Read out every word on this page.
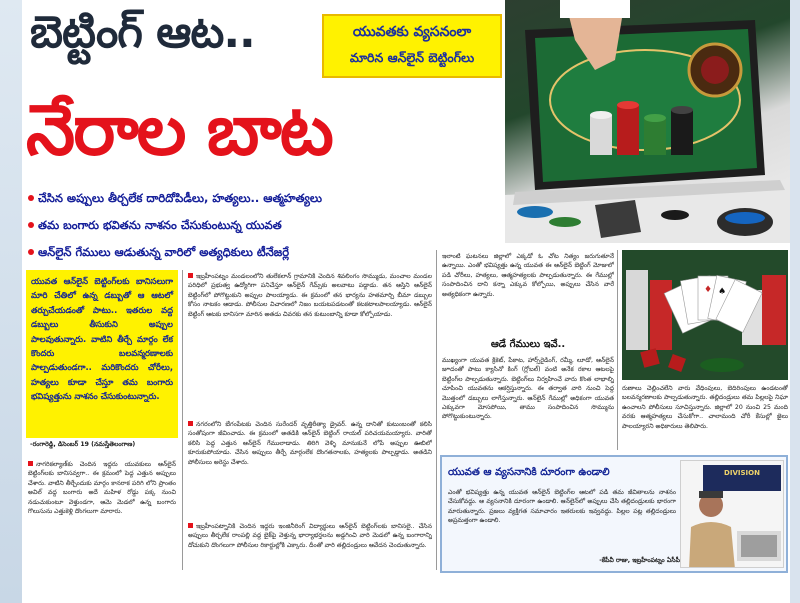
బెట్టింగ్ ఆట..	యువతకు వ్యసనంలా
మారిన ఆన్‌లైన్ బెట్టింగ్‌లు
నేరాల బాట
చేసిన అప్పులు తీర్చలేక దారిదోపిడీలు, హత్యలు.. ఆత్మహత్యలు
తమ బంగారు భవితను నాశనం చేసుకుంటున్న యువత
ఆన్‌లైన్ గేములు ఆడుతున్న వారిలో అత్యధికులు టీనేజర్లే
యువత ఆన్‌లైన్ బెట్టింగ్‌లకు బానిసలుగా మారి చేతిలో ఉన్న డబ్బుతో ఆ ఆటలో తర్చుచేయడంతో పాటు.. ఇతరుల వద్ద డబ్బులు తీసుకుని అప్పుల పాలవుతున్నారు. వాటిని తీర్చే మార్గం లేక కొందరు బలవన్మరణాలకు పాల్పడుతుండగా.. మరికొందరు చోరీలు, హత్యలు కూడా చేస్తూ తమ బంగారు భవిష్యత్తును నాశనం చేసుకుంటున్నారు.
-రంగారెడ్డి, డిసెంబర్ 19 (నమస్తేతెలంగాణ)
నాగరిక‌ల్యాణ్‌కు చెందిన ఇద్దరు యువకులు ఆన్‌లైన్ బెట్టింగ్‌లకు బానిసవ్వగా.. ఈ క్రమంలో పెద్ద ఎత్తున అప్పులు చేశారు. వాటిని తీర్చేందుకు మార్గం కానరాక పరిగి లోని ప్రాంతం అవిల్ వద్ద బంగారు అదే మహిళ రోడ్డు పక్క నుంచి నడుచుకుంటూ వెళ్తుండగా, ఆమె మెడలో ఉన్న బంగారు గొలుసును ఎత్తుకెళ్లి దొంగలుగా మారారు.
ఇబ్రహీంపట్నం మండలంలోని తులేకలాన్ గ్రామానికి చెందిన శివలింగం సొమ్ముడు, మంచాల మండల పరిధిలో ప్రభుత్వ ఉద్యోగిగా పనిచేస్తూ ఆన్‌లైన్ గేమ్స్‌కు అలవాటు పడ్డాడు. తన ఆస్తిని ఆన్‌లైన్ బెట్టింగ్‌లో పోగొట్టుకుని అప్పుల పాలయ్యాడు. ఈ క్రమంలో తన భార్యను హతమార్చి బీమా డబ్బుల కోసం నాటకం ఆడాడు. పోలీసుల విచారణలో నిజం బయటపడటంతో కటకటాలపాలయ్యాడు. ఆన్‌లైన్ బెట్టింగ్ ఆటకు బానిసగా మారిన అతడు చివరకు తన కుటుంబాన్ని కూడా కోల్పోయాడు.
నగరంలోని బేగంపేటకు చెందిన సురేందర్ వృత్తిరీత్యా డ్రైవర్. ఉన్న దానితో కుటుంబంతో కలిసి సంతోషంగా జీవించాడు. ఈ క్రమంలో అతడికి ఆన్‌లైన్ బెట్టింగ్ రాయల్ పరిచయమయ్యారు. వారితో కలిసి పెద్ద ఎత్తున ఆన్‌లైన్ గేములాడాడు. తిరిగి వెళ్ళి మానుకునే లోపే అప్పుల ఊబిలో కూరుకుపోయాడు. చేసిన అప్పులు తీర్చే మార్గంలేక దొంగతనాలకు, హత్యలకు పాల్పడ్డాడు. అతడిని పోలీసులు అరెస్టు చేశారు.
ఇబ్రహీంపట్నానికి చెందిన ఇద్దరు ఇంజినీరింగ్ విద్యార్థులు ఆన్‌లైన్ బెట్టింగ్‌లకు బానిసలై.. చేసిన అప్పులు తీర్చలేక రాంపల్లి వద్ద బైక్‌పై వెళ్తున్న భార్యాభర్తలను అడ్డగించి వారి మెడలో ఉన్న బంగారాన్ని దోచుకుని దొంగలుగా పోలీసుల రికార్డుల్లోకి ఎక్కారు. దీంతో వారి తల్లిదండ్రులు ఆవేదన చెందుతున్నారు.
ఇలాంటి ఘటనలు జిల్లాలో ఎక్కడో ఓ చోట నిత్యం జరుగుతూనే ఉన్నాయి. ఎంతో భవిష్యత్తు ఉన్న యువత ఈ ఆన్‌లైన్ బెట్టింగ్ మోజులో పడి చోరీలు, హత్యలు, ఆత్మహత్యలకు పాల్పడుతున్నారు. ఈ గేముల్లో సంపాదించిన దాని కన్నా ఎక్కువ కోల్పోయి, అప్పులు చేసిన వారే అత్యధికంగా ఉన్నారు.
ఆడే గేములు ఇవే..
ముఖ్యంగా యువత క్రికెట్, పేకాట, హార్స్‌రైడింగ్, రమ్మీ, లూడో, ఆన్‌లైన్ జూదంతో పాటు క్యాసినో కింగ్ (గ్లోబల్) వంటి అనేక రకాల ఆటలపై బెట్టింగ్‌ల పాల్పడుతున్నారు. బెట్టింగ్‌లు నిర్వహించే వారు కొంత లాభాల్ని చూపించి యువతను ఆకర్షిస్తున్నారు. ఈ తర్వాత వారి నుంచి పెద్ద మొత్తంలో డబ్బులు లాగేస్తున్నారు. ఆన్‌లైన్ గేముల్లో అధికంగా యువత ఎక్కువగా మోసపోయి, తాము సంపాదించిన సొమ్మును పోగొట్టుకుంటున్నారు.
♦ ♠
రుణాలు చెల్లించలేని వారు వేధింపులు, బెదిరింపులు ఉండటంతో బలవన్మరణాలకు పాల్పడుతున్నారు. తల్లిదండ్రులు తమ పిల్లలపై నిఘా ఉంచాలని పోలీసులు సూచిస్తున్నారు. జిల్లాలో 20 నుంచి 25 మంది వరకు ఆత్మహత్యలు చేసుకోగా.. చాలామంది చోరీ కేసుల్లో జైలు పాలయ్యారని అధికారులు తెలిపారు.
యువత ఆ వ్యసనానికి దూరంగా ఉండాలి
ఎంతో భవిష్యత్తు ఉన్న యువత ఆన్‌లైన్ బెట్టింగ్‌ల ఆటలో పడి తమ జీవితాలను నాశనం చేసుకోవద్దు. ఆ వ్యసనానికి దూరంగా ఉండాలి. ఆన్‌లైన్‌లో అప్పులు చేసి తల్లిదండ్రులకు భారంగా మారుతున్నారు. ప్రజలు వ్యక్తిగత సమాచారం ఇతరులకు ఇవ్వవద్దు. పిల్లల పట్ల తల్లిదండ్రులు అప్రమత్తంగా ఉండాలి.
-కేపీవీ రాజు, ఇబ్రహీంపట్నం ఏసీపీ
DIVISION
